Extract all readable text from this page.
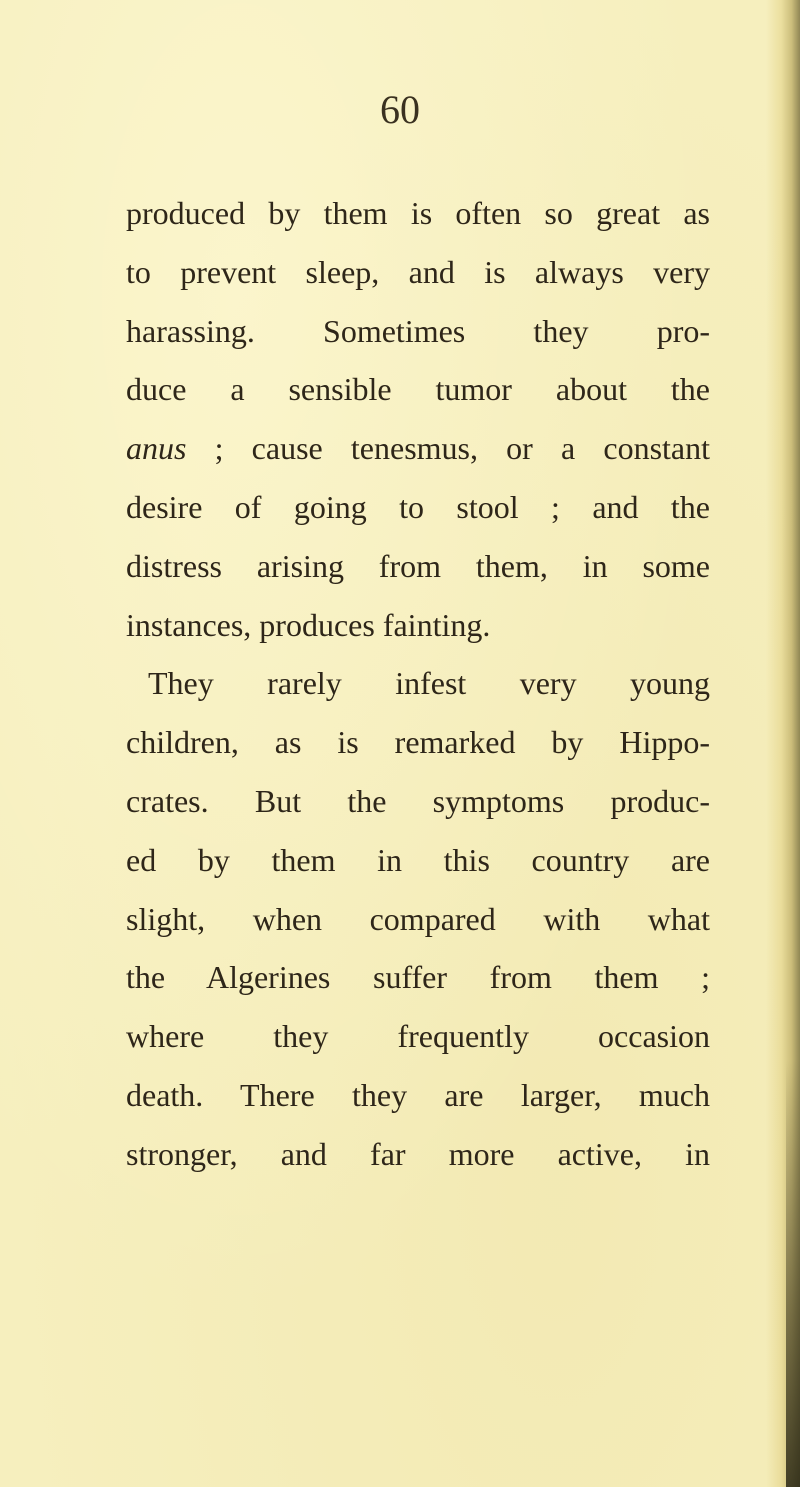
60
produced by them is often so great as
to prevent sleep, and is always very
harassing. Sometimes they pro-
duce a sensible tumor about the
anus ; cause tenesmus, or a constant
desire of going to stool ; and the
distress arising from them, in some
instances, produces fainting.
They rarely infest very young
children, as is remarked by Hippo-
crates. But the symptoms produc-
ed by them in this country are
slight, when compared with what
the Algerines suffer from them ;
where they frequently occasion
death. There they are larger, much
stronger, and far more active, in
